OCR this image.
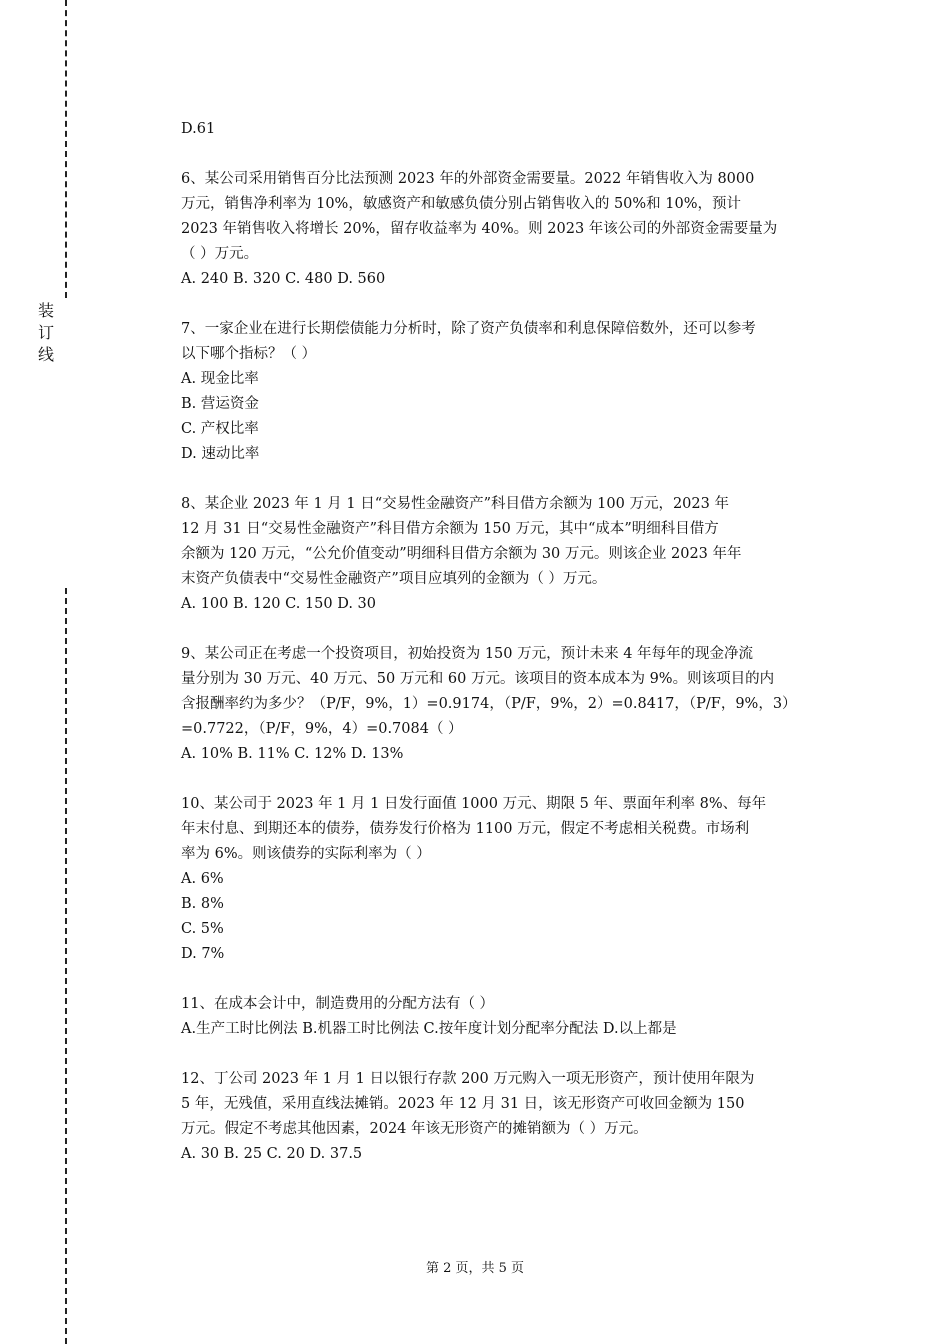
装
订
线

D.61

6、某公司采用销售百分比法预测 2023 年的外部资金需要量。2022 年销售收入为 8000

万元，销售净利率为 10%，敏感资产和敏感负债分别占销售收入的 50%和 10%，预计

2023 年销售收入将增长 20%，留存收益率为 40%。则 2023 年该公司的外部资金需要量为

（ ）万元。

A. 240 B. 320 C. 480 D. 560

7、一家企业在进行长期偿债能力分析时，除了资产负债率和利息保障倍数外，还可以参考

以下哪个指标？（ ）

A. 现金比率

B. 营运资金

C. 产权比率

D. 速动比率

8、某企业 2023 年 1 月 1 日“交易性金融资产”科目借方余额为 100 万元，2023 年

12 月 31 日“交易性金融资产”科目借方余额为 150 万元，其中“成本”明细科目借方

余额为 120 万元，“公允价值变动”明细科目借方余额为 30 万元。则该企业 2023 年年

末资产负债表中“交易性金融资产”项目应填列的金额为（ ）万元。

A. 100 B. 120 C. 150 D. 30

9、某公司正在考虑一个投资项目，初始投资为 150 万元，预计未来 4 年每年的现金净流

量分别为 30 万元、40 万元、50 万元和 60 万元。该项目的资本成本为 9%。则该项目的内

含报酬率约为多少？（P/F，9%，1）=0.9174，（P/F，9%，2）=0.8417，（P/F，9%，3）

=0.7722，（P/F，9%，4）=0.7084（ ）

A. 10% B. 11% C. 12% D. 13%

10、某公司于 2023 年 1 月 1 日发行面值 1000 万元、期限 5 年、票面年利率 8%、每年

年末付息、到期还本的债券，债券发行价格为 1100 万元，假定不考虑相关税费。市场利

率为 6%。则该债券的实际利率为（ ）

A. 6%

B. 8%

C. 5%

D. 7%

11、在成本会计中，制造费用的分配方法有（ ）

A.生产工时比例法 B.机器工时比例法 C.按年度计划分配率分配法 D.以上都是

12、丁公司 2023 年 1 月 1 日以银行存款 200 万元购入一项无形资产，预计使用年限为

5 年，无残值，采用直线法摊销。2023 年 12 月 31 日，该无形资产可收回金额为 150

万元。假定不考虑其他因素，2024 年该无形资产的摊销额为（ ）万元。

A. 30 B. 25 C. 20 D. 37.5

第 2 页，共 5 页
